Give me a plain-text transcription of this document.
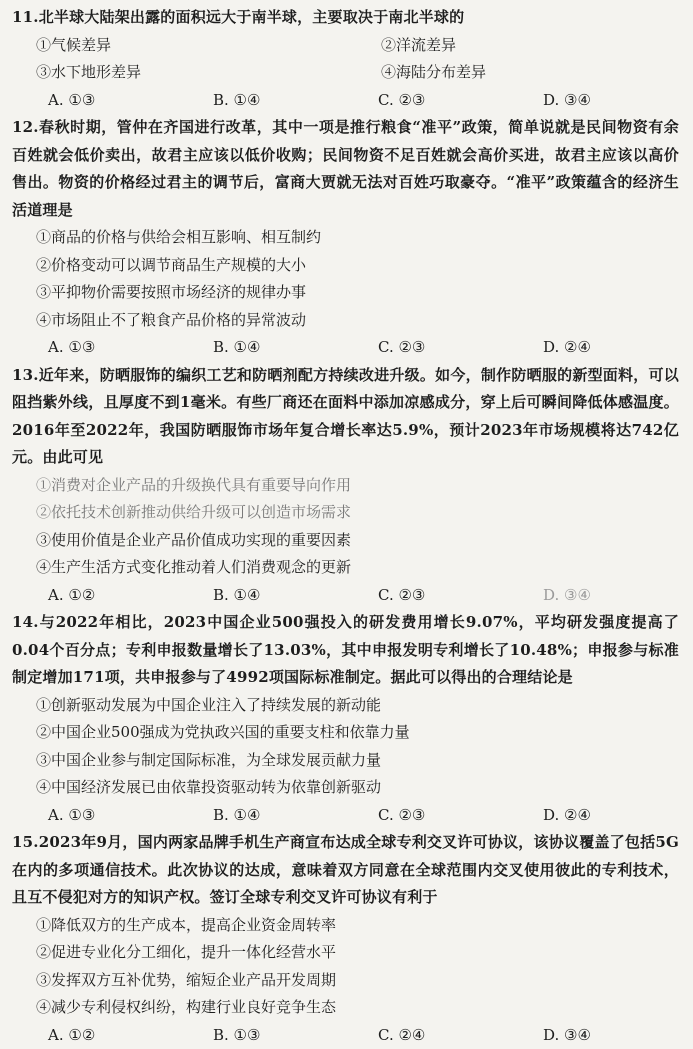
11.北半球大陆架出露的面积远大于南半球，主要取决于南北半球的

①气候差异	②洋流差异

③水下地形差异	④海陆分布差异

A. ①③	B. ①④	C. ②③	D. ③④

12.春秋时期，管仲在齐国进行改革，其中一项是推行粮食“准平”政策，简单说就是民间物资有余百姓就会低价卖出，故君主应该以低价收购；民间物资不足百姓就会高价买进，故君主应该以高价售出。物资的价格经过君主的调节后，富商大贾就无法对百姓巧取豪夺。“准平”政策蕴含的经济生活道理是

①商品的价格与供给会相互影响、相互制约

②价格变动可以调节商品生产规模的大小

③平抑物价需要按照市场经济的规律办事

④市场阻止不了粮食产品价格的异常波动

A. ①③	B. ①④	C. ②③	D. ②④

13.近年来，防晒服饰的编织工艺和防晒剂配方持续改进升级。如今，制作防晒服的新型面料，可以阻挡紫外线，且厚度不到1毫米。有些厂商还在面料中添加凉感成分，穿上后可瞬间降低体感温度。2016年至2022年，我国防晒服饰市场年复合增长率达5.9%，预计2023年市场规模将达742亿元。由此可见

①消费对企业产品的升级换代具有重要导向作用

②依托技术创新推动供给升级可以创造市场需求

③使用价值是企业产品价值成功实现的重要因素

④生产生活方式变化推动着人们消费观念的更新

A. ①②	B. ①④	C. ②③	D. ③④

14.与2022年相比，2023中国企业500强投入的研发费用增长9.07%，平均研发强度提高了0.04个百分点；专利申报数量增长了13.03%，其中申报发明专利增长了10.48%；申报参与标准制定增加171项，共申报参与了4992项国际标准制定。据此可以得出的合理结论是

①创新驱动发展为中国企业注入了持续发展的新动能

②中国企业500强成为党执政兴国的重要支柱和依靠力量

③中国企业参与制定国际标准，为全球发展贡献力量

④中国经济发展已由依靠投资驱动转为依靠创新驱动

A. ①③	B. ①④	C. ②③	D. ②④

15.2023年9月，国内两家品牌手机生产商宣布达成全球专利交叉许可协议，该协议覆盖了包括5G在内的多项通信技术。此次协议的达成，意味着双方同意在全球范围内交叉使用彼此的专利技术，且互不侵犯对方的知识产权。签订全球专利交叉许可协议有利于

①降低双方的生产成本，提高企业资金周转率

②促进专业化分工细化，提升一体化经营水平

③发挥双方互补优势，缩短企业产品开发周期

④减少专利侵权纠纷，构建行业良好竞争生态

A. ①②	B. ①③	C. ②④	D. ③④
